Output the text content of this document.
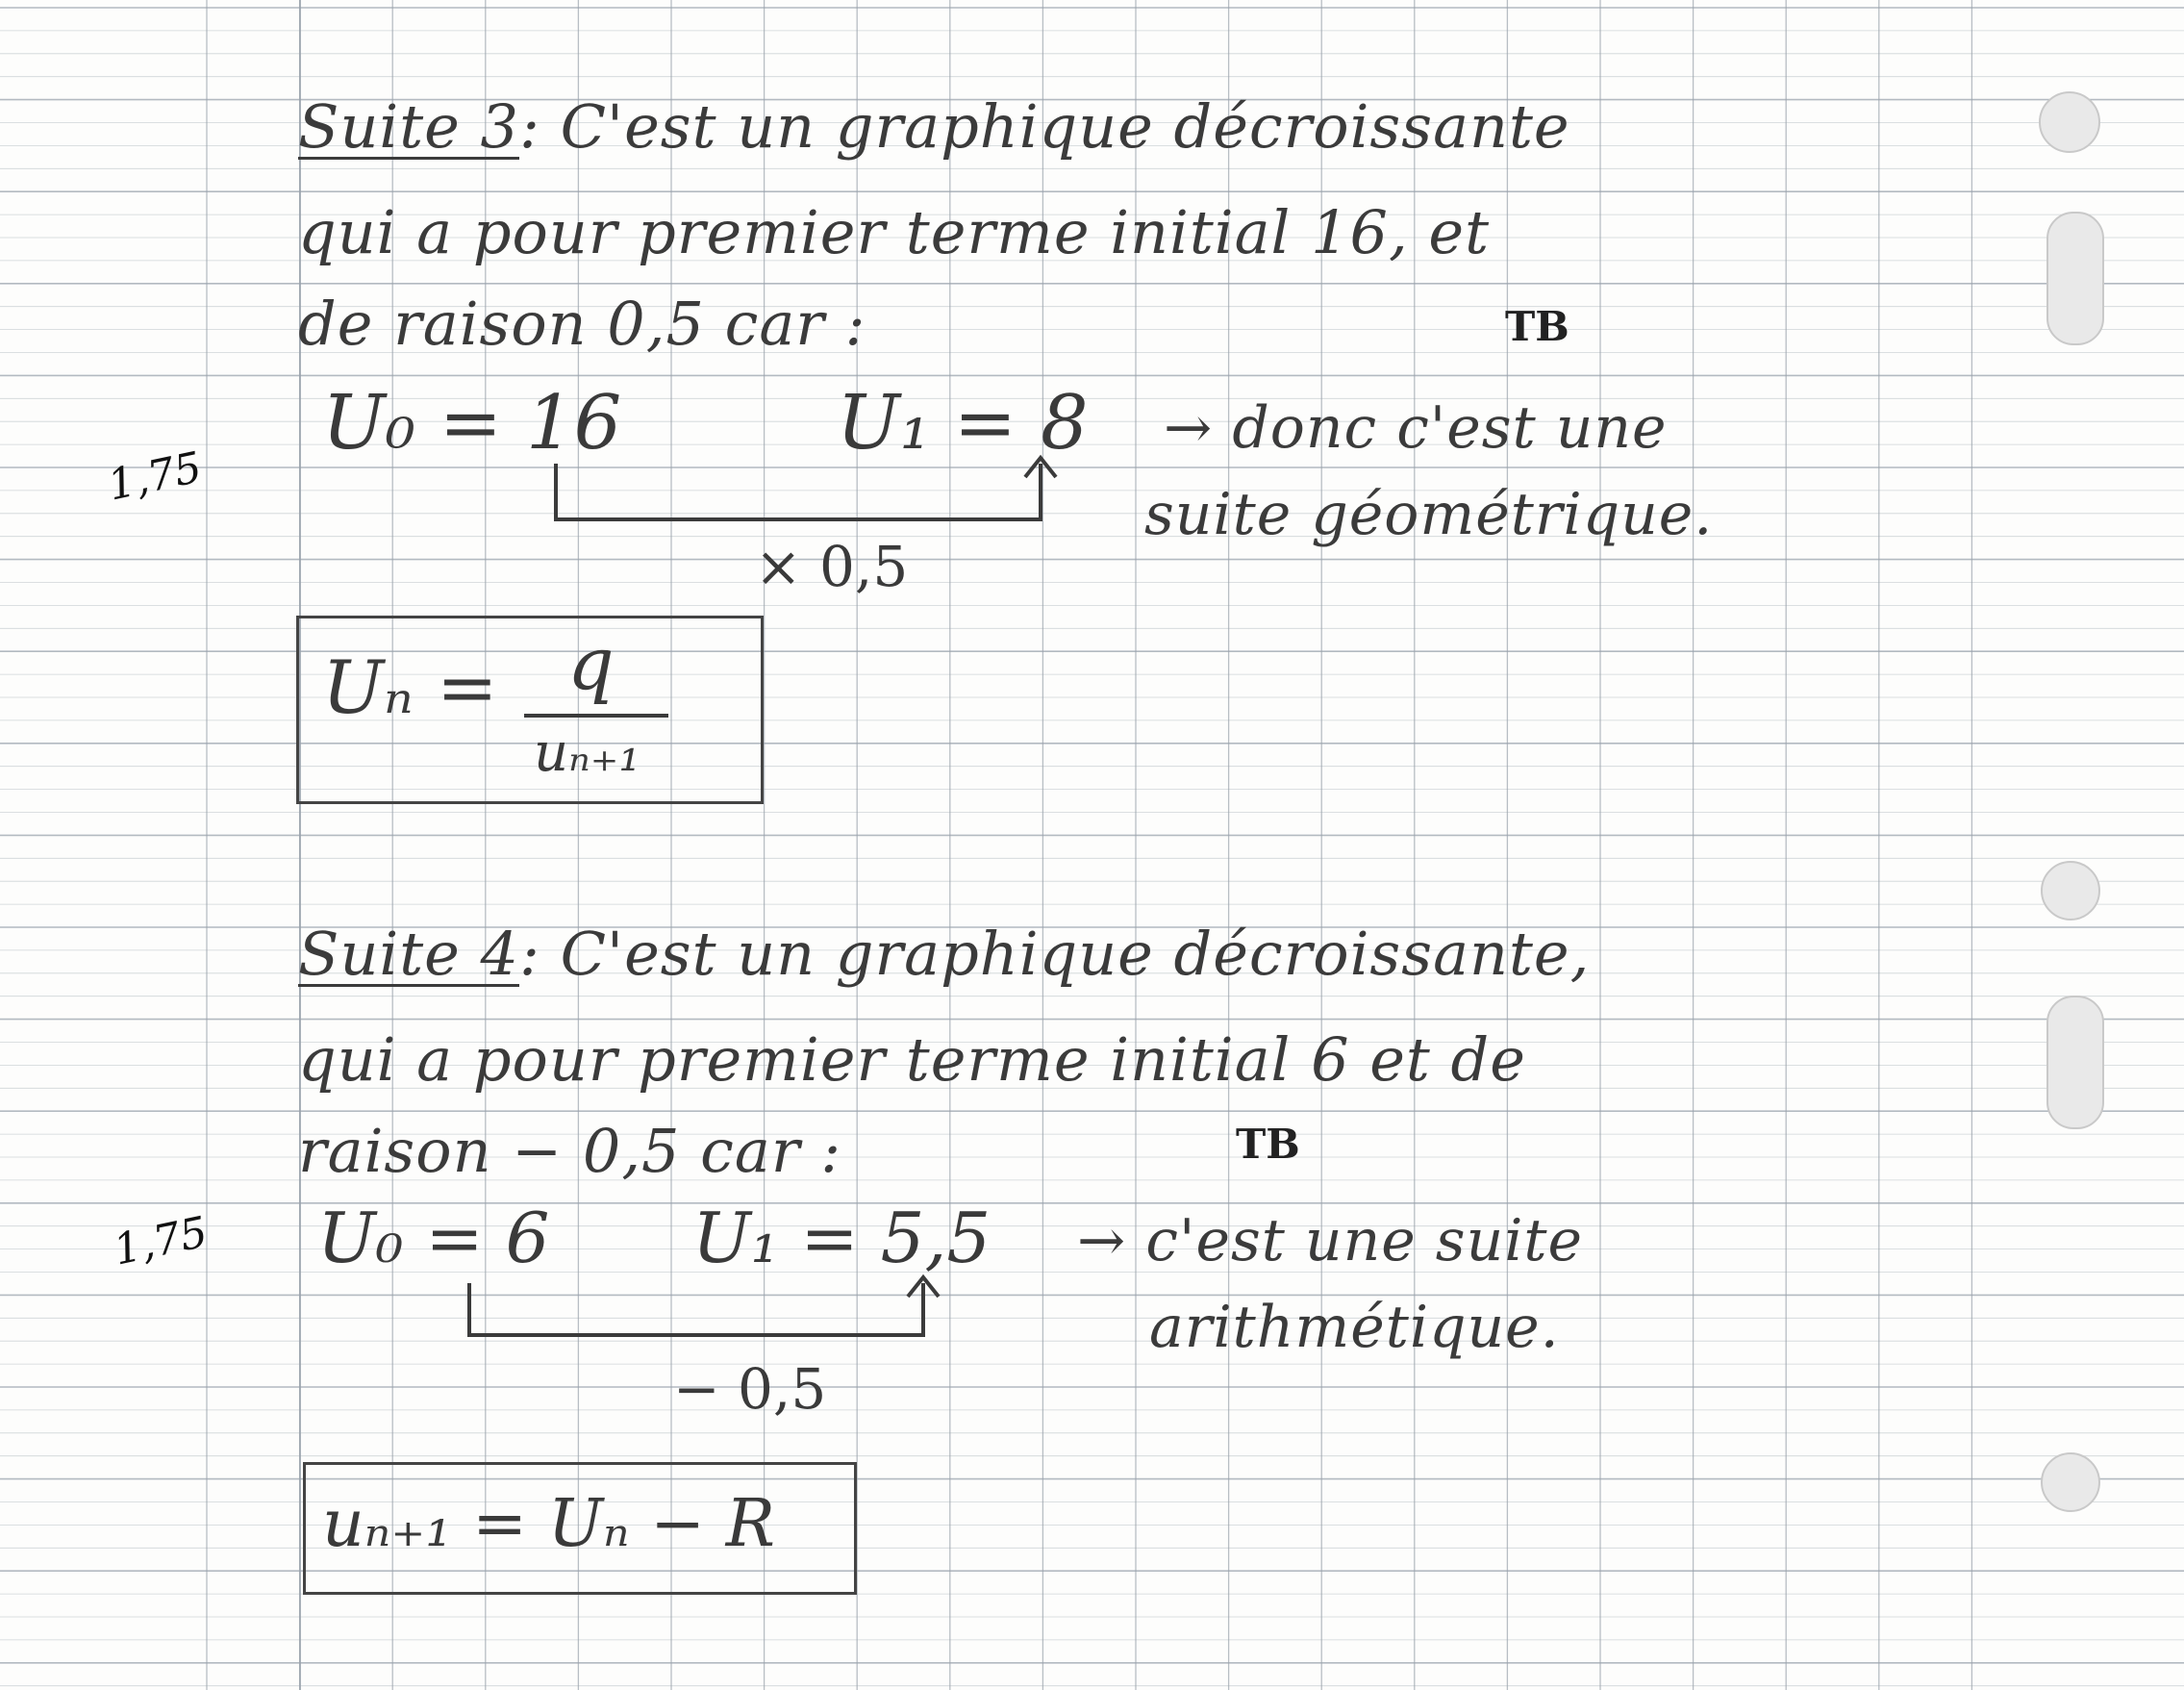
Suite 3: C'est un graphique décroissante
qui a pour premier terme initial 16, et
de raison 0,5 car :	TB
1,75
U₀ = 16	U₁ = 8 → donc c'est une
suite géométrique.
× 0,5
Uₙ = q
uₙ₊₁
Suite 4: C'est un graphique décroissante,
qui a pour premier terme initial 6 et de
raison − 0,5 car :	TB
1,75 U₀ = 6 U₁ = 5,5 → c'est une suite
arithmétique.
− 0,5
uₙ₊₁ = Uₙ − R
